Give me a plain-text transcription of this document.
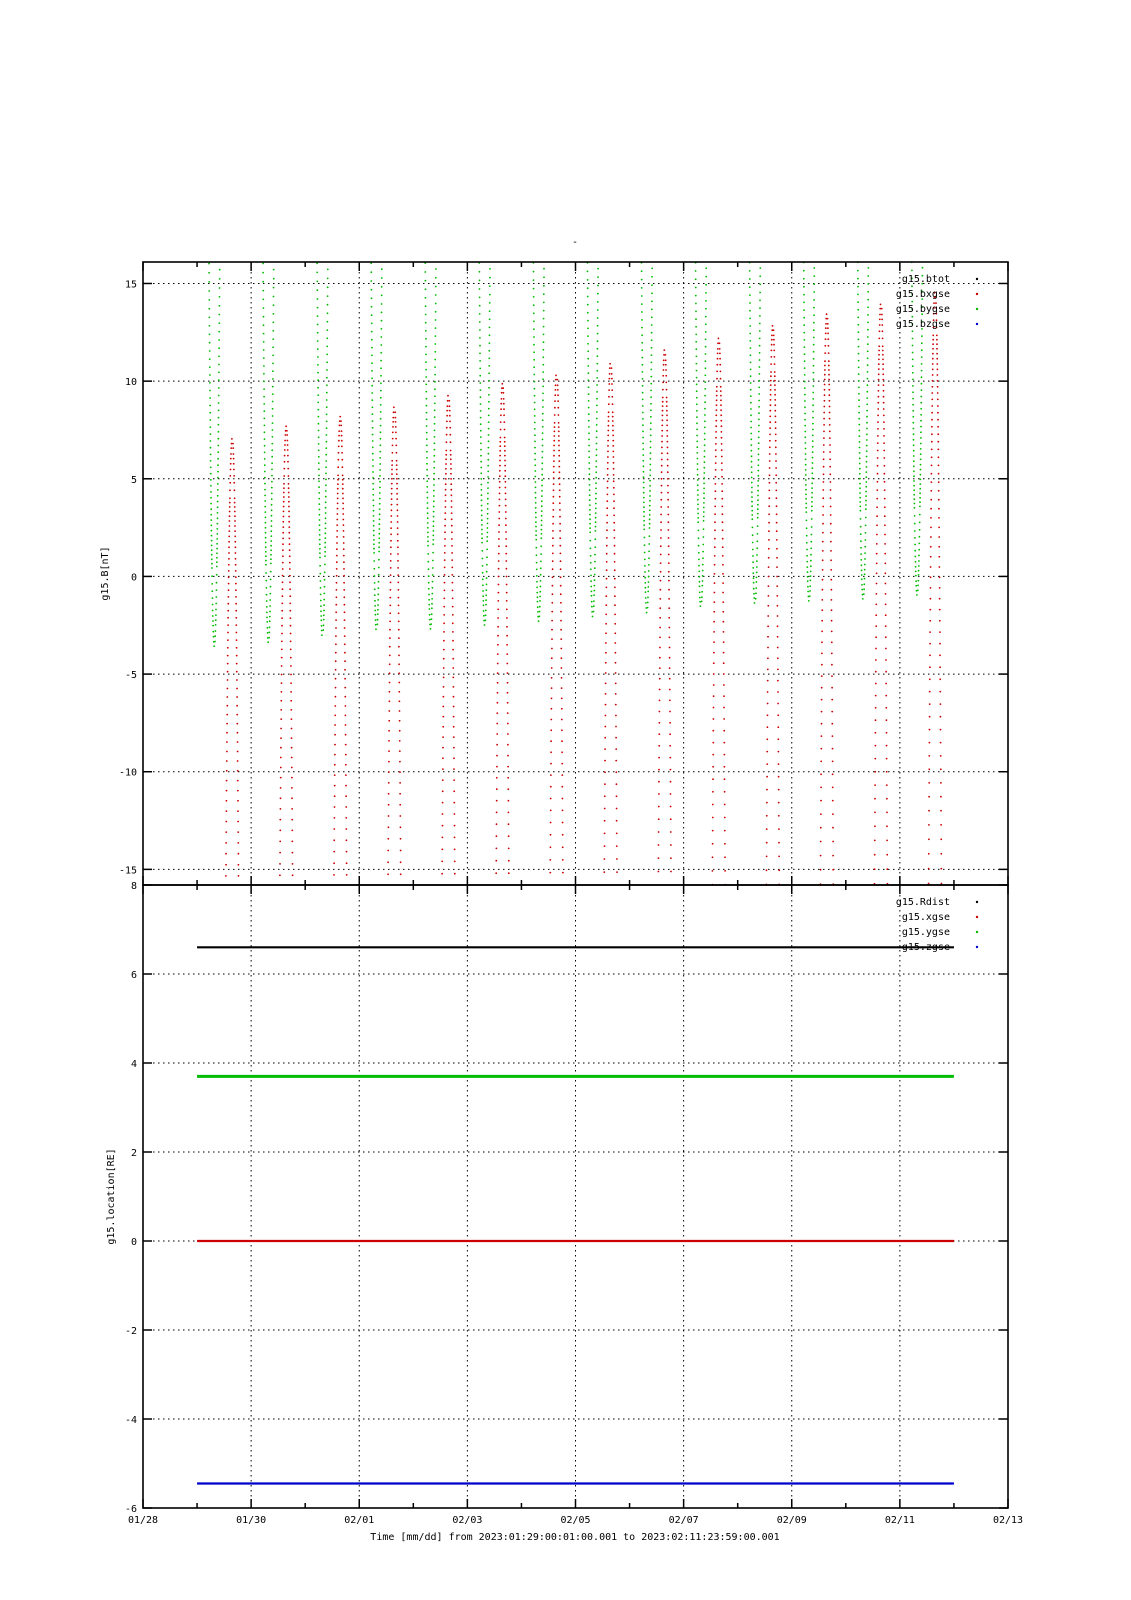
-
15
10
5
0
-5
-10
-15
g15.B[nT]
g15.btot
g15.bxgse
g15.bygse
g15.bzgse
8
6
4
2
0
-2
-4
-6
g15.location[RE]
g15.Rdist
g15.xgse
g15.ygse
g15.zgse
01/28	01/30	02/01	02/03	02/05	02/07	02/09	02/11	02/13
Time [mm/dd] from 2023:01:29:00:01:00.001 to 2023:02:11:23:59:00.001
